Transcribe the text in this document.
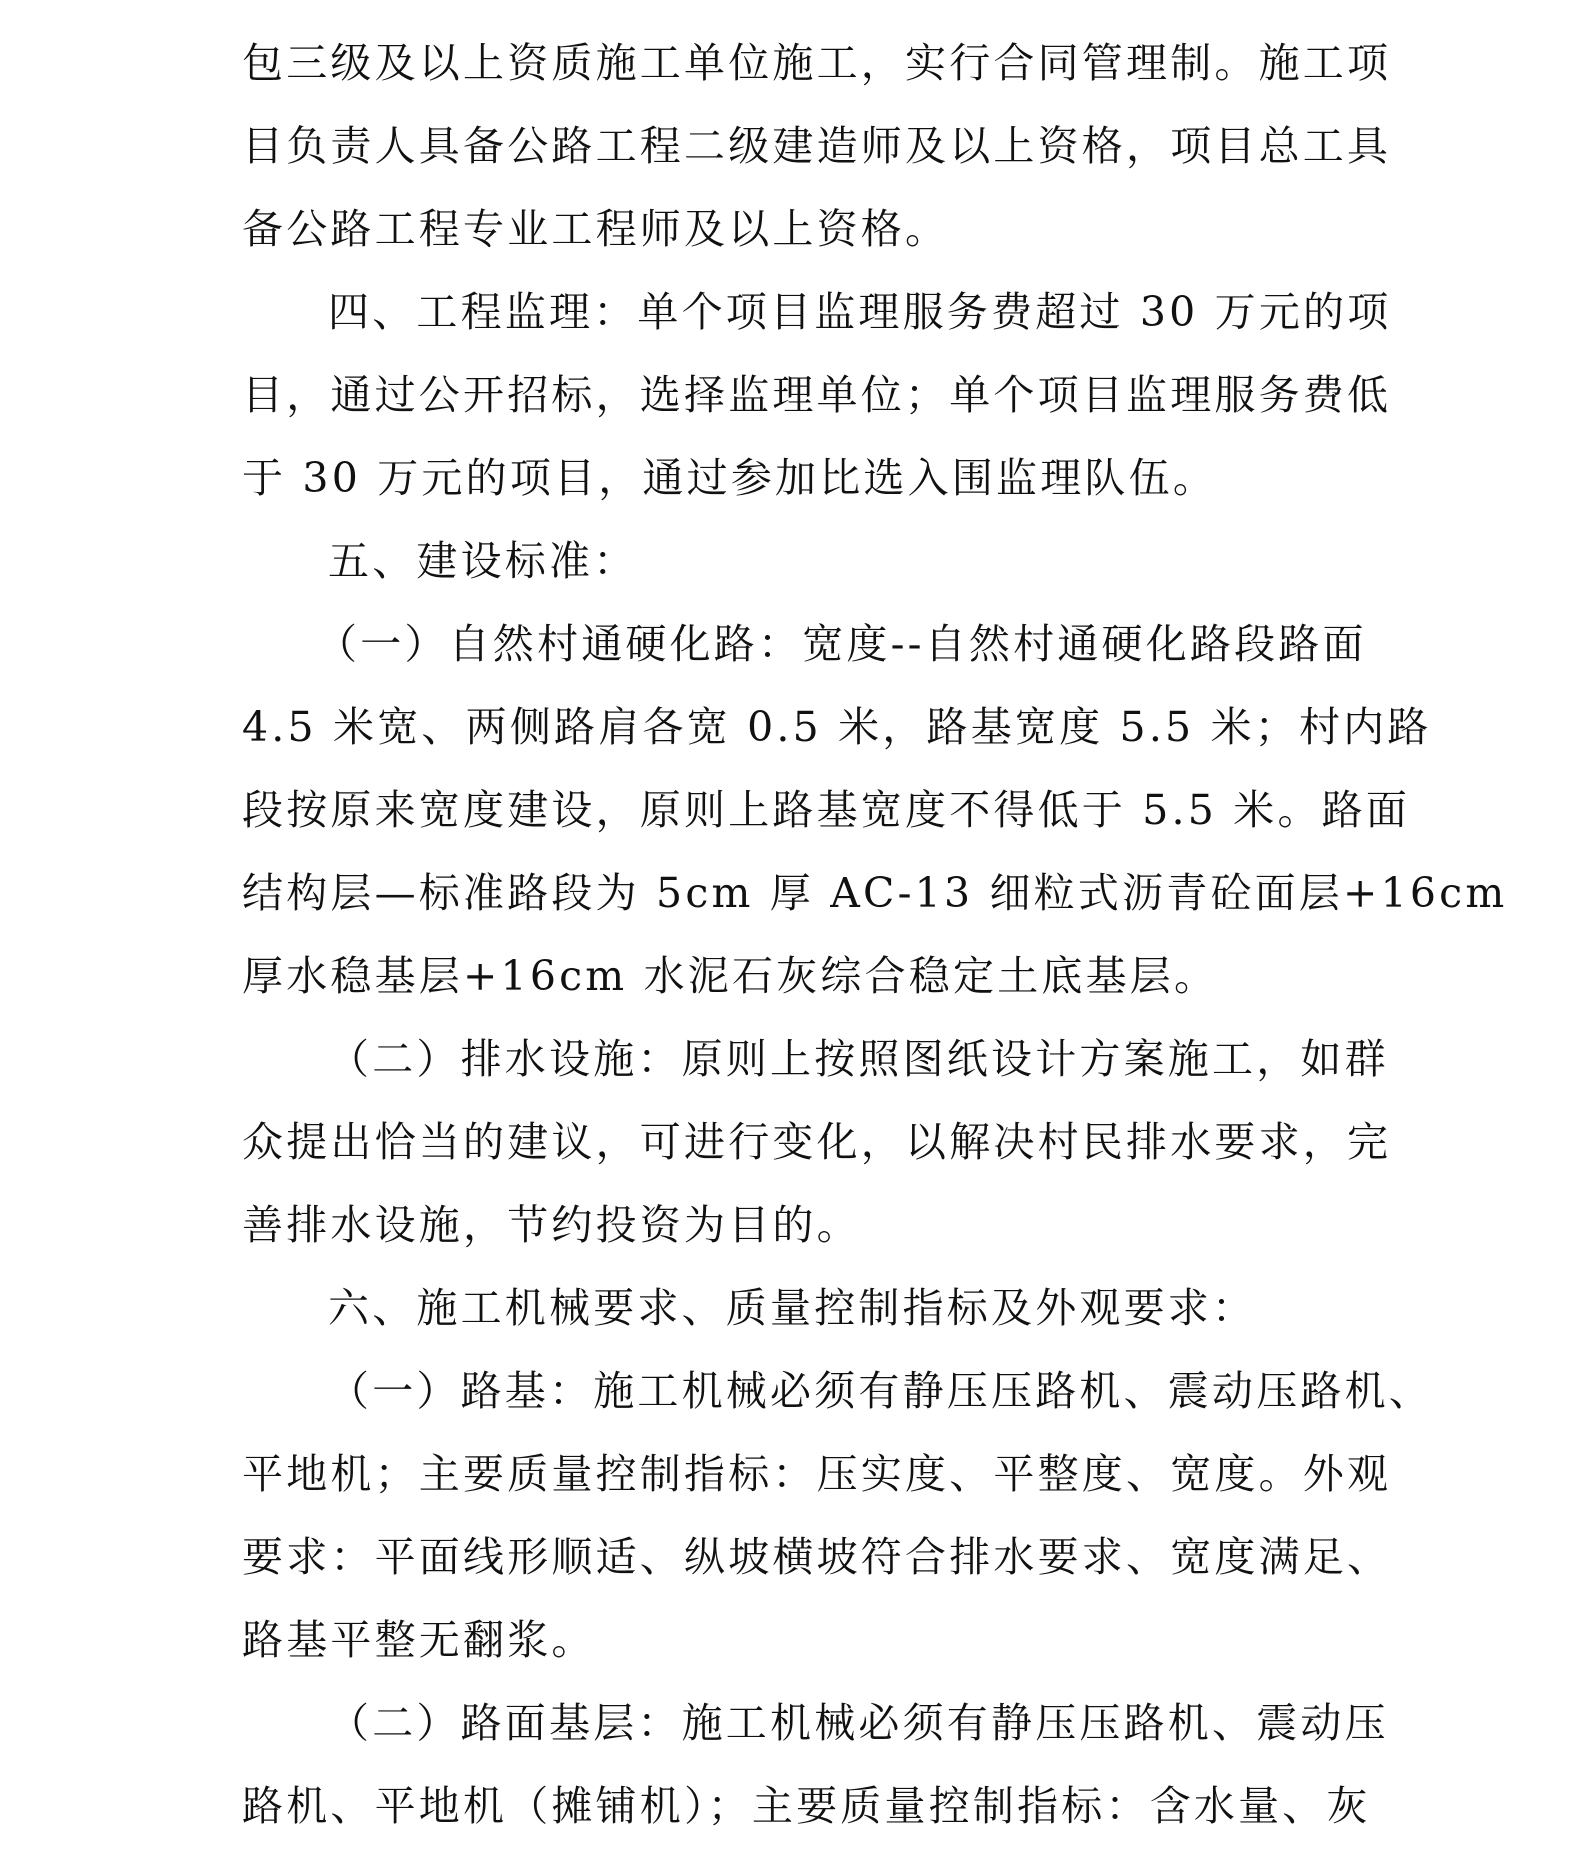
包三级及以上资质施工单位施工，实行合同管理制。施工项
目负责人具备公路工程二级建造师及以上资格，项目总工具
备公路工程专业工程师及以上资格。
四、工程监理：单个项目监理服务费超过 30 万元的项
目，通过公开招标，选择监理单位；单个项目监理服务费低
于 30 万元的项目，通过参加比选入围监理队伍。
五、建设标准：
（一）自然村通硬化路：宽度--自然村通硬化路段路面
4.5 米宽、两侧路肩各宽 0.5 米，路基宽度 5.5 米；村内路
段按原来宽度建设，原则上路基宽度不得低于 5.5 米。路面
结构层—标准路段为 5cm 厚 AC-13 细粒式沥青砼面层+16cm
厚水稳基层+16cm 水泥石灰综合稳定土底基层。
（二）排水设施：原则上按照图纸设计方案施工，如群
众提出恰当的建议，可进行变化，以解决村民排水要求，完
善排水设施，节约投资为目的。
六、施工机械要求、质量控制指标及外观要求：
（一）路基：施工机械必须有静压压路机、震动压路机、
平地机；主要质量控制指标：压实度、平整度、宽度。外观
要求：平面线形顺适、纵坡横坡符合排水要求、宽度满足、
路基平整无翻浆。
（二）路面基层：施工机械必须有静压压路机、震动压
路机、平地机（摊铺机）；主要质量控制指标：含水量、灰
